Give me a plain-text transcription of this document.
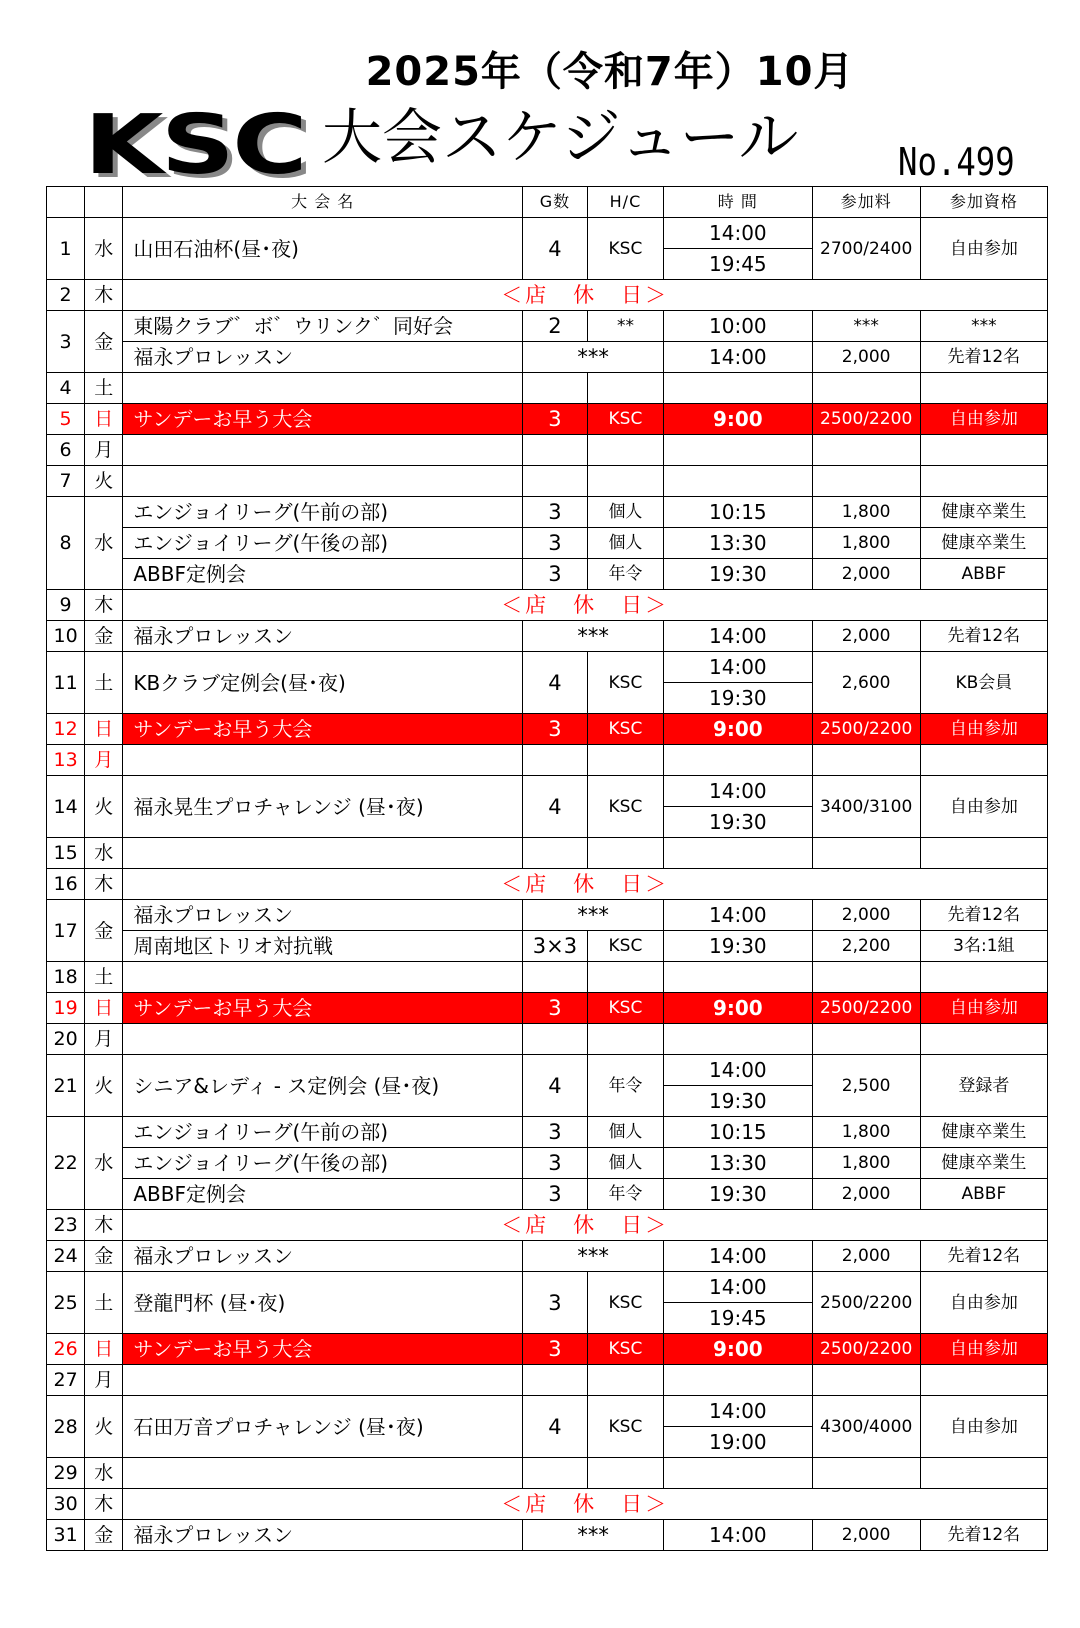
2025年（令和7年）10月
KSC 大会スケジュール	No.499
		大 会 名	G数	H/C	時 間	参加料	参加資格
1	水	山田石油杯(昼･夜)	4	KSC	14:00	2700/2400	自由参加
					19:45		
2	木	＜店　休　日＞					
3	金	東陽クラブ゛ボ゛ウリンク゛同好会	2	**	10:00	***	***
		福永プロレッスン	***		14:00	2,000	先着12名
4	土						
5	日	サンデーお早う大会	3	KSC	9:00	2500/2200	自由参加
6	月						
7	火						
8	水	エンジョイリーグ(午前の部)	3	個人	10:15	1,800	健康卒業生
		エンジョイリーグ(午後の部)	3	個人	13:30	1,800	健康卒業生
		ABBF定例会	3	年令	19:30	2,000	ABBF
9	木	＜店　休　日＞					
10	金	福永プロレッスン	***		14:00	2,000	先着12名
11	土	KBクラブ定例会(昼･夜)	4	KSC	14:00	2,600	KB会員
					19:30		
12	日	サンデーお早う大会	3	KSC	9:00	2500/2200	自由参加
13	月						
14	火	福永晃生プロチャレンジ (昼･夜)	4	KSC	14:00	3400/3100	自由参加
					19:30		
15	水						
16	木	＜店　休　日＞					
17	金	福永プロレッスン	***		14:00	2,000	先着12名
		周南地区トリオ対抗戦	3×3	KSC	19:30	2,200	3名:1組
18	土						
19	日	サンデーお早う大会	3	KSC	9:00	2500/2200	自由参加
20	月						
21	火	シニア&レディ - ス定例会 (昼･夜)	4	年令	14:00	2,500	登録者
					19:30		
22	水	エンジョイリーグ(午前の部)	3	個人	10:15	1,800	健康卒業生
		エンジョイリーグ(午後の部)	3	個人	13:30	1,800	健康卒業生
		ABBF定例会	3	年令	19:30	2,000	ABBF
23	木	＜店　休　日＞					
24	金	福永プロレッスン	***		14:00	2,000	先着12名
25	土	登龍門杯 (昼･夜)	3	KSC	14:00	2500/2200	自由参加
					19:45		
26	日	サンデーお早う大会	3	KSC	9:00	2500/2200	自由参加
27	月						
28	火	石田万音プロチャレンジ (昼･夜)	4	KSC	14:00	4300/4000	自由参加
					19:00		
29	水						
30	木	＜店　休　日＞					
31	金	福永プロレッスン	***		14:00	2,000	先着12名
